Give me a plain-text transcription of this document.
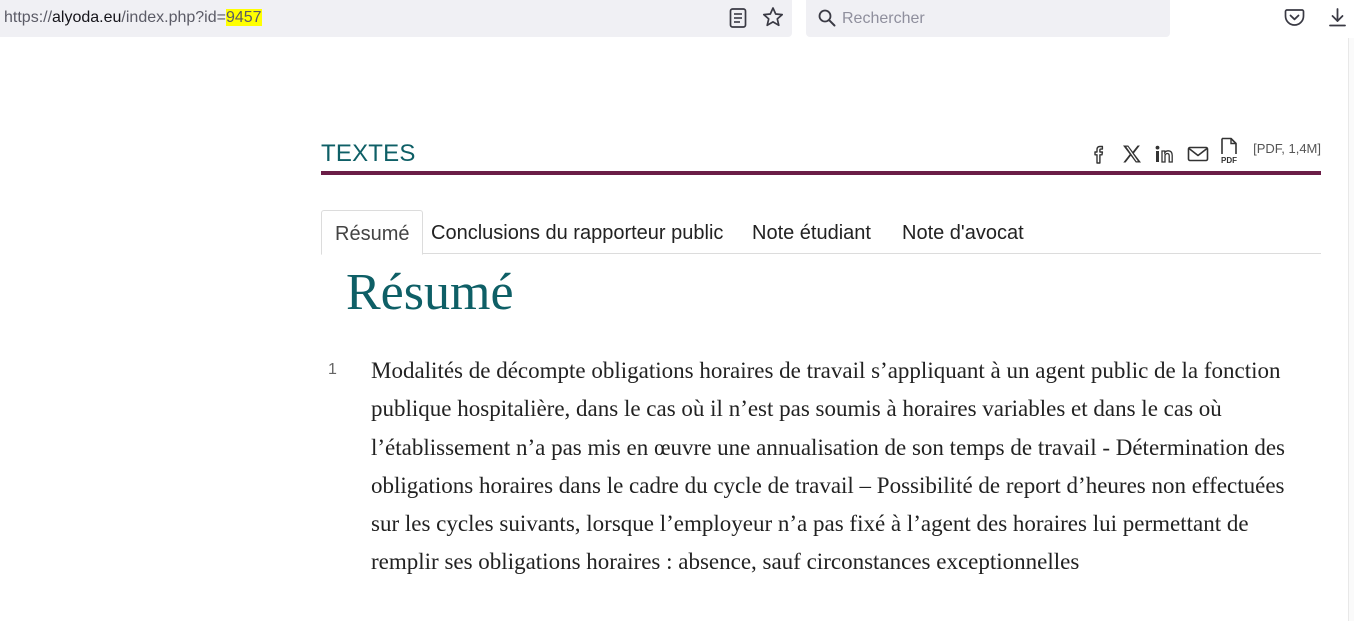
https://alyoda.eu/index.php?id=9457
Rechercher
TEXTES	PDF
[PDF, 1,4M]
Résumé	Conclusions du rapporteur public	Note étudiant	Note d'avocat
Résumé
1 Modalités de décompte obligations horaires de travail s’appliquant à un agent public de la fonction publique hospitalière, dans le cas où il n’est pas soumis à horaires variables et dans le cas où l’établissement n’a pas mis en œuvre une annualisation de son temps de travail - Détermination des obligations horaires dans le cadre du cycle de travail – Possibilité de report d’heures non effectuées sur les cycles suivants, lorsque l’employeur n’a pas fixé à l’agent des horaires lui permettant de remplir ses obligations horaires : absence, sauf circonstances exceptionnelles
